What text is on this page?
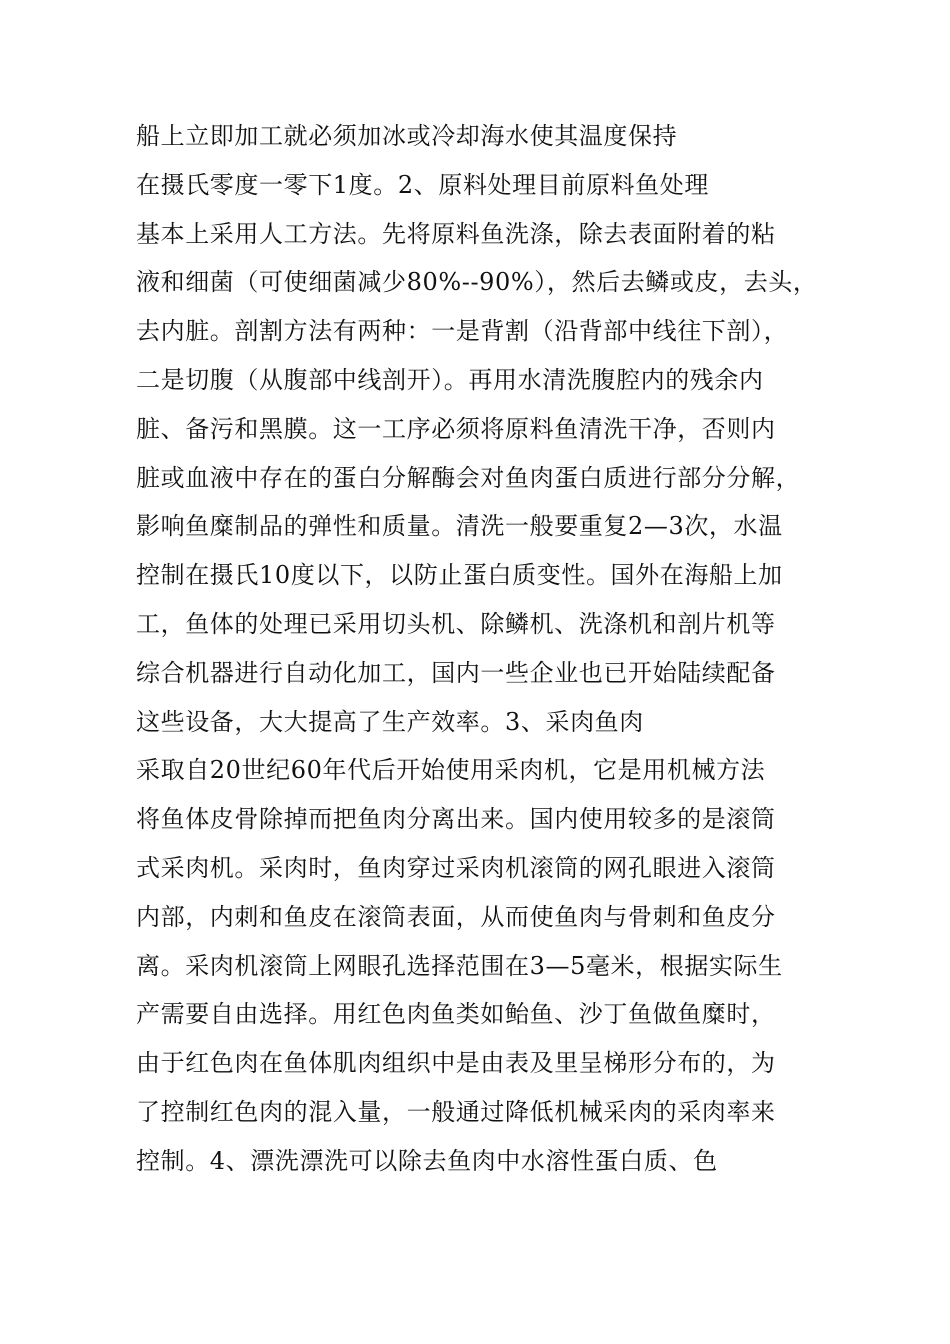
船上立即加工就必须加冰或冷却海水使其温度保持
在摄氏零度一零下1度。2、原料处理目前原料鱼处理
基本上采用人工方法。先将原料鱼洗涤，除去表面附着的粘
液和细菌（可使细菌减少80%--90%），然后去鳞或皮，去头，
去内脏。剖割方法有两种：一是背割（沿背部中线往下剖），
二是切腹（从腹部中线剖开）。再用水清洗腹腔内的残余内
脏、备污和黑膜。这一工序必须将原料鱼清洗干净，否则内
脏或血液中存在的蛋白分解酶会对鱼肉蛋白质进行部分分解，
影响鱼糜制品的弹性和质量。清洗一般要重复2—3次，水温
控制在摄氏10度以下，以防止蛋白质变性。国外在海船上加
工，鱼体的处理已采用切头机、除鳞机、洗涤机和剖片机等
综合机器进行自动化加工，国内一些企业也已开始陆续配备
这些设备，大大提高了生产效率。3、采肉鱼肉
采取自20世纪60年代后开始使用采肉机，它是用机械方法
将鱼体皮骨除掉而把鱼肉分离出来。国内使用较多的是滚筒
式采肉机。采肉时，鱼肉穿过采肉机滚筒的网孔眼进入滚筒
内部，内刺和鱼皮在滚筒表面，从而使鱼肉与骨刺和鱼皮分
离。采肉机滚筒上网眼孔选择范围在3—5毫米，根据实际生
产需要自由选择。用红色肉鱼类如鲐鱼、沙丁鱼做鱼糜时，
由于红色肉在鱼体肌肉组织中是由表及里呈梯形分布的，为
了控制红色肉的混入量，一般通过降低机械采肉的采肉率来
控制。4、漂洗漂洗可以除去鱼肉中水溶性蛋白质、色
